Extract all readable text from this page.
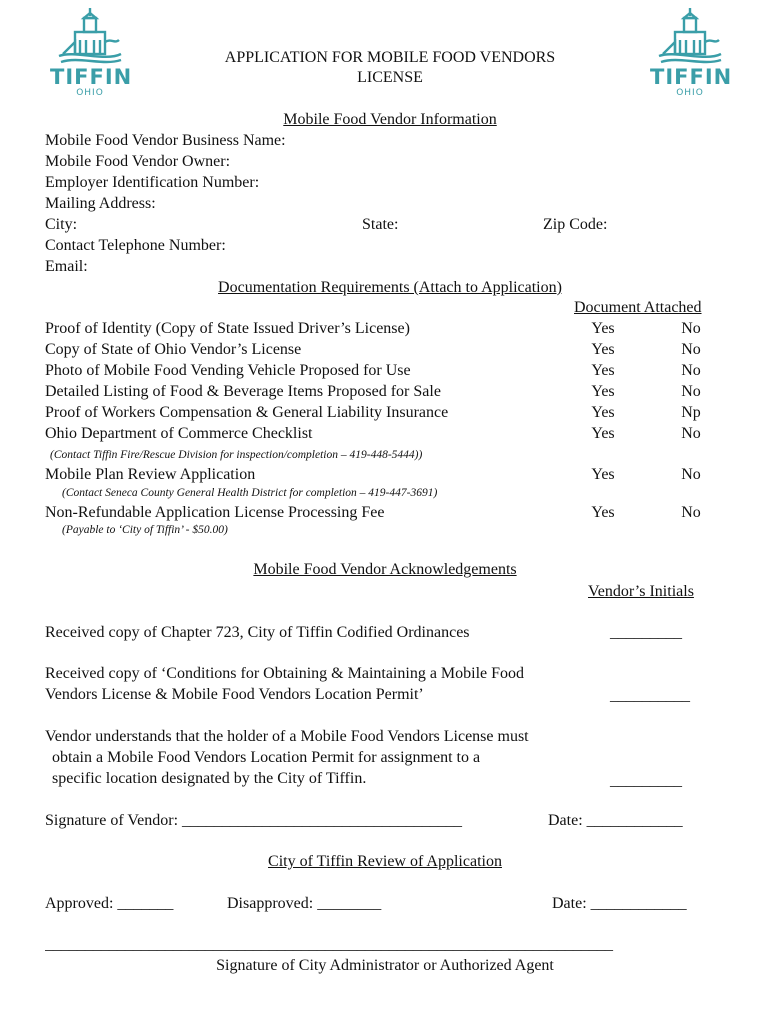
TIFFIN
OHIO
TIFFIN
OHIO
APPLICATION FOR MOBILE FOOD VENDORS
LICENSE
Mobile Food Vendor Information
Mobile Food Vendor Business Name:
Mobile Food Vendor Owner:
Employer Identification Number:
Mailing Address:
City:	State:	Zip Code:
Contact Telephone Number:
Email:
Documentation Requirements (Attach to Application)
Document Attached
Proof of Identity (Copy of State Issued Driver’s License)	Yes	No
Copy of State of Ohio Vendor’s License	Yes	No
Photo of Mobile Food Vending Vehicle Proposed for Use	Yes	No
Detailed Listing of Food & Beverage Items Proposed for Sale	Yes	No
Proof of Workers Compensation & General Liability Insurance	Yes	Np
Ohio Department of Commerce Checklist	Yes	No
(Contact Tiffin Fire/Rescue Division for inspection/completion – 419-448-5444))
Mobile Plan Review Application	Yes	No
(Contact Seneca County General Health District for completion – 419-447-3691)
Non-Refundable Application License Processing Fee	Yes	No
(Payable to ‘City of Tiffin’ - $50.00)
Mobile Food Vendor Acknowledgements
Vendor’s Initials
Received copy of Chapter 723, City of Tiffin Codified Ordinances	_________
Received copy of ‘Conditions for Obtaining & Maintaining a Mobile Food
Vendors License & Mobile Food Vendors Location Permit’	__________
Vendor understands that the holder of a Mobile Food Vendors License must
obtain a Mobile Food Vendors Location Permit for assignment to a
specific location designated by the City of Tiffin.	_________
Signature of Vendor: ___________________________________	Date: ____________
City of Tiffin Review of Application
Approved: _______	Disapproved: ________	Date: ____________
_______________________________________________________________________
Signature of City Administrator or Authorized Agent
